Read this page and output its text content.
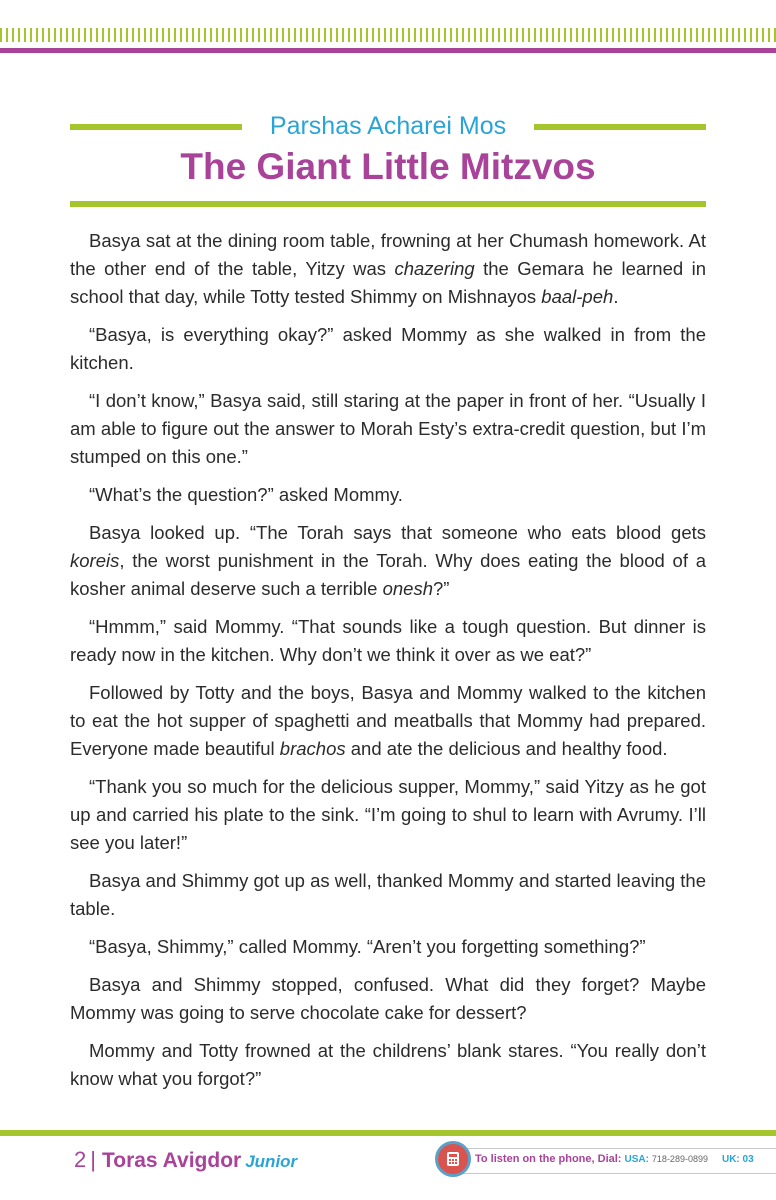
Parshas Acharei Mos
The Giant Little Mitzvos

Basya sat at the dining room table, frowning at her Chumash homework. At the other end of the table, Yitzy was chazering the Gemara he learned in school that day, while Totty tested Shimmy on Mishnayos baal-peh.

“Basya, is everything okay?” asked Mommy as she walked in from the kitchen.

“I don’t know,” Basya said, still staring at the paper in front of her. “Usually I am able to figure out the answer to Morah Esty’s extra-credit question, but I’m stumped on this one.”

“What’s the question?” asked Mommy.

Basya looked up. “The Torah says that someone who eats blood gets koreis, the worst punishment in the Torah. Why does eating the blood of a kosher animal deserve such a terrible onesh?”

“Hmmm,” said Mommy. “That sounds like a tough question. But dinner is ready now in the kitchen. Why don’t we think it over as we eat?”

Followed by Totty and the boys, Basya and Mommy walked to the kitchen to eat the hot supper of spaghetti and meatballs that Mommy had prepared. Everyone made beautiful brachos and ate the delicious and healthy food.

“Thank you so much for the delicious supper, Mommy,” said Yitzy as he got up and carried his plate to the sink. “I’m going to shul to learn with Avrumy. I’ll see you later!”

Basya and Shimmy got up as well, thanked Mommy and started leaving the table.

“Basya, Shimmy,” called Mommy. “Aren’t you forgetting something?”

Basya and Shimmy stopped, confused. What did they forget? Maybe Mommy was going to serve chocolate cake for dessert?

Mommy and Totty frowned at the childrens’ blank stares. “You really don’t know what you forgot?”

2 | Toras Avigdor Junior	To listen on the phone, Dial: USA: 718-289-0899 UK: 03
